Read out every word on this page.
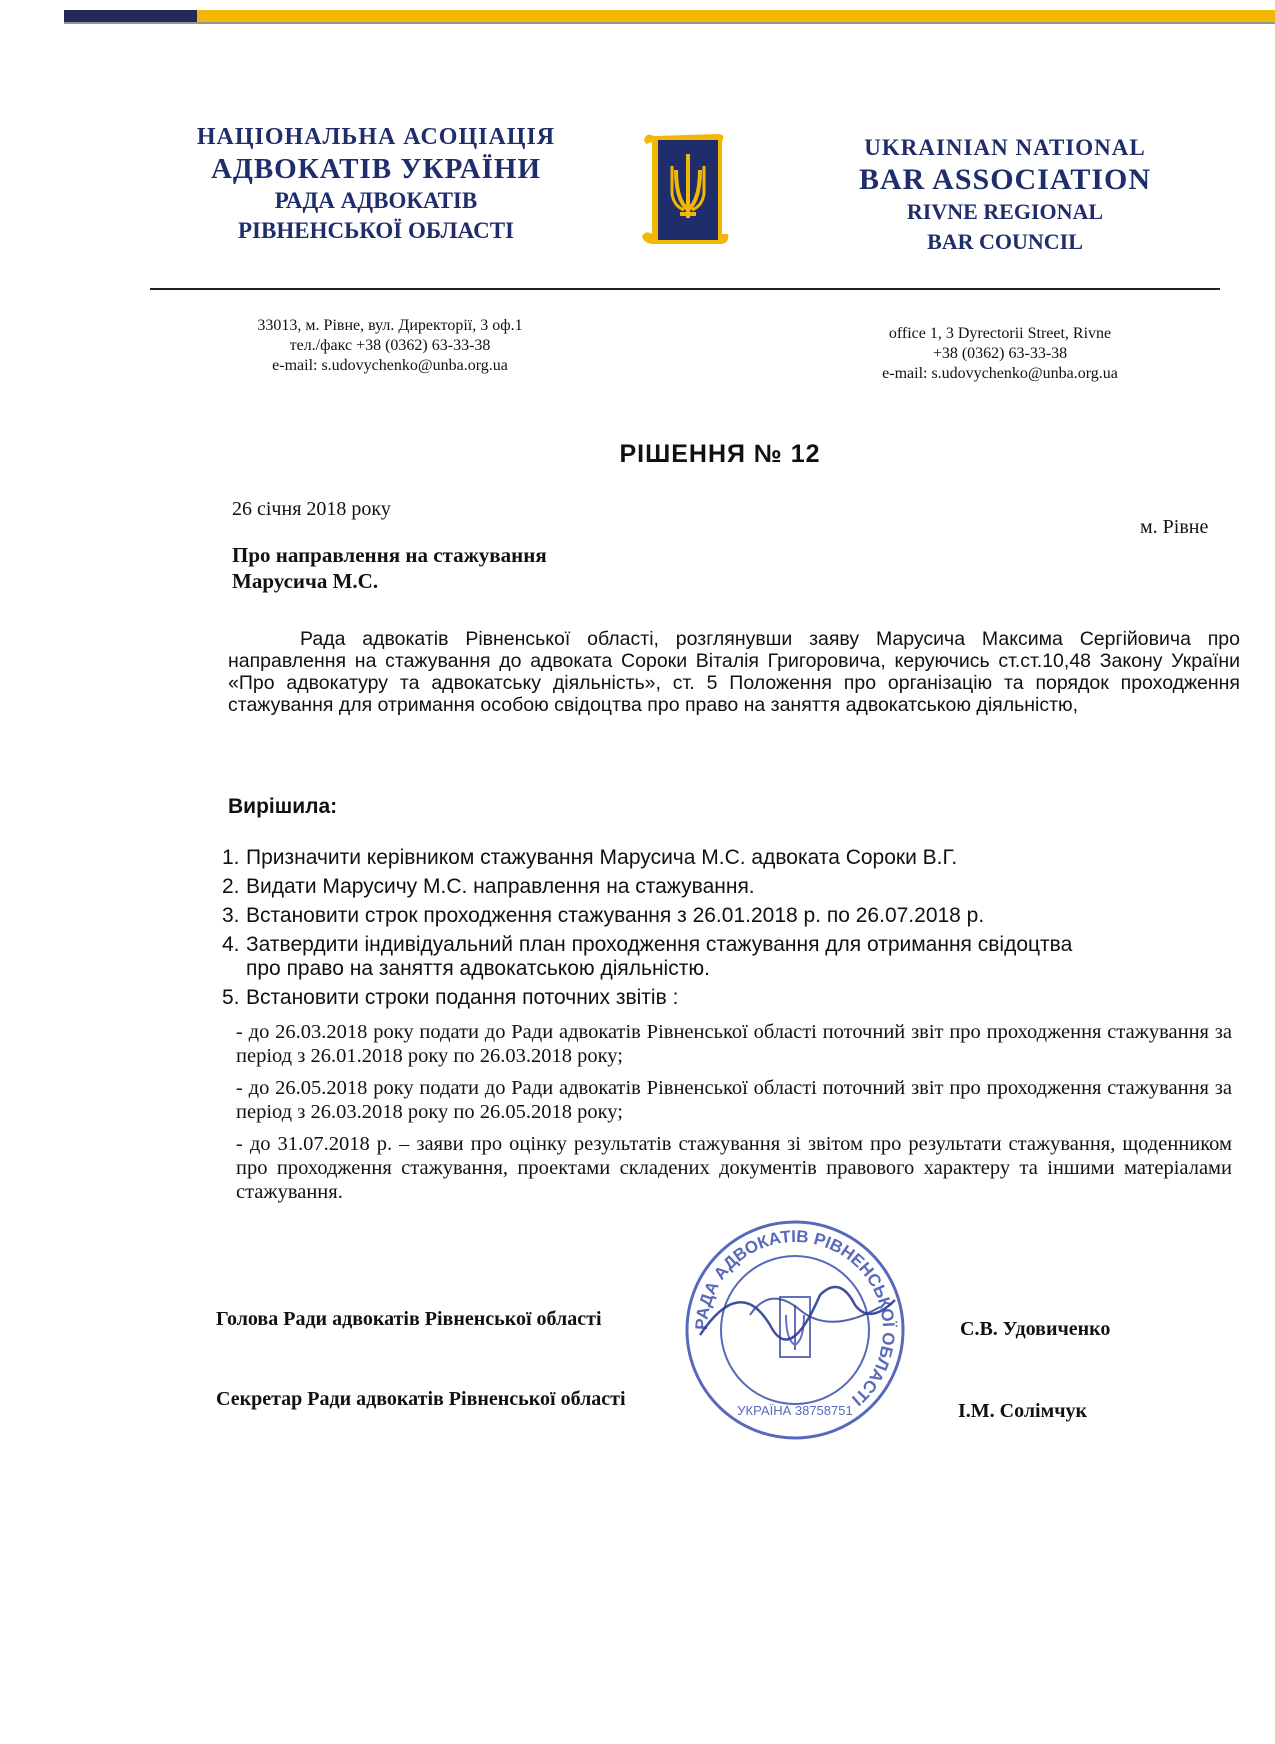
НАЦІОНАЛЬНА АСОЦІАЦІЯ
АДВОКАТІВ УКРАЇНИ
РАДА АДВОКАТІВ
РІВНЕНСЬКОЇ ОБЛАСТІ
UKRAINIAN NATIONAL
BAR ASSOCIATION
RIVNE REGIONAL
BAR COUNCIL
33013, м. Рівне, вул. Директорії, 3 оф.1
тел./факс +38 (0362) 63-33-38
e-mail: s.udovychenko@unba.org.ua
office 1, 3 Dyrectorii Street, Rivne
+38 (0362) 63-33-38
e-mail: s.udovychenko@unba.org.ua
РІШЕННЯ № 12
26 січня 2018 року
м. Рівне
Про направлення на стажування
Марусича М.С.
Рада адвокатів Рівненської області, розглянувши заяву Марусича Максима Сергійовича про направлення на стажування до адвоката Сороки Віталія Григоровича, керуючись ст.ст.10,48 Закону України «Про адвокатуру та адвокатську діяльність», ст. 5 Положення про організацію та порядок проходження стажування для отримання особою свідоцтва про право на заняття адвокатською діяльністю,
Вирішила:
1. Призначити керівником стажування Марусича М.С. адвоката Сороки В.Г.
2. Видати Марусичу М.С. направлення на стажування.
3. Встановити строк проходження стажування з 26.01.2018 р. по 26.07.2018 р.
4. Затвердити індивідуальний план проходження стажування для отримання свідоцтва про право на заняття адвокатською діяльністю.
5. Встановити строки подання поточних звітів :
- до 26.03.2018 року подати до Ради адвокатів Рівненської області поточний звіт про проходження стажування за період з 26.01.2018 року по 26.03.2018 року;
- до 26.05.2018 року подати до Ради адвокатів Рівненської області поточний звіт про проходження стажування за період з 26.03.2018 року по 26.05.2018 року;
- до 31.07.2018 р. – заяви про оцінку результатів стажування зі звітом про результати стажування, щоденником про проходження стажування, проектами складених документів правового характеру та іншими матеріалами стажування.
Голова Ради адвокатів Рівненської області	С.В. Удовиченко
Секретар Ради адвокатів Рівненської області
І.М. Солімчук
РАДА АДВОКАТІВ РІВНЕНСЬКОЇ ОБЛАСТІ
УКРАЇНА 38758751
